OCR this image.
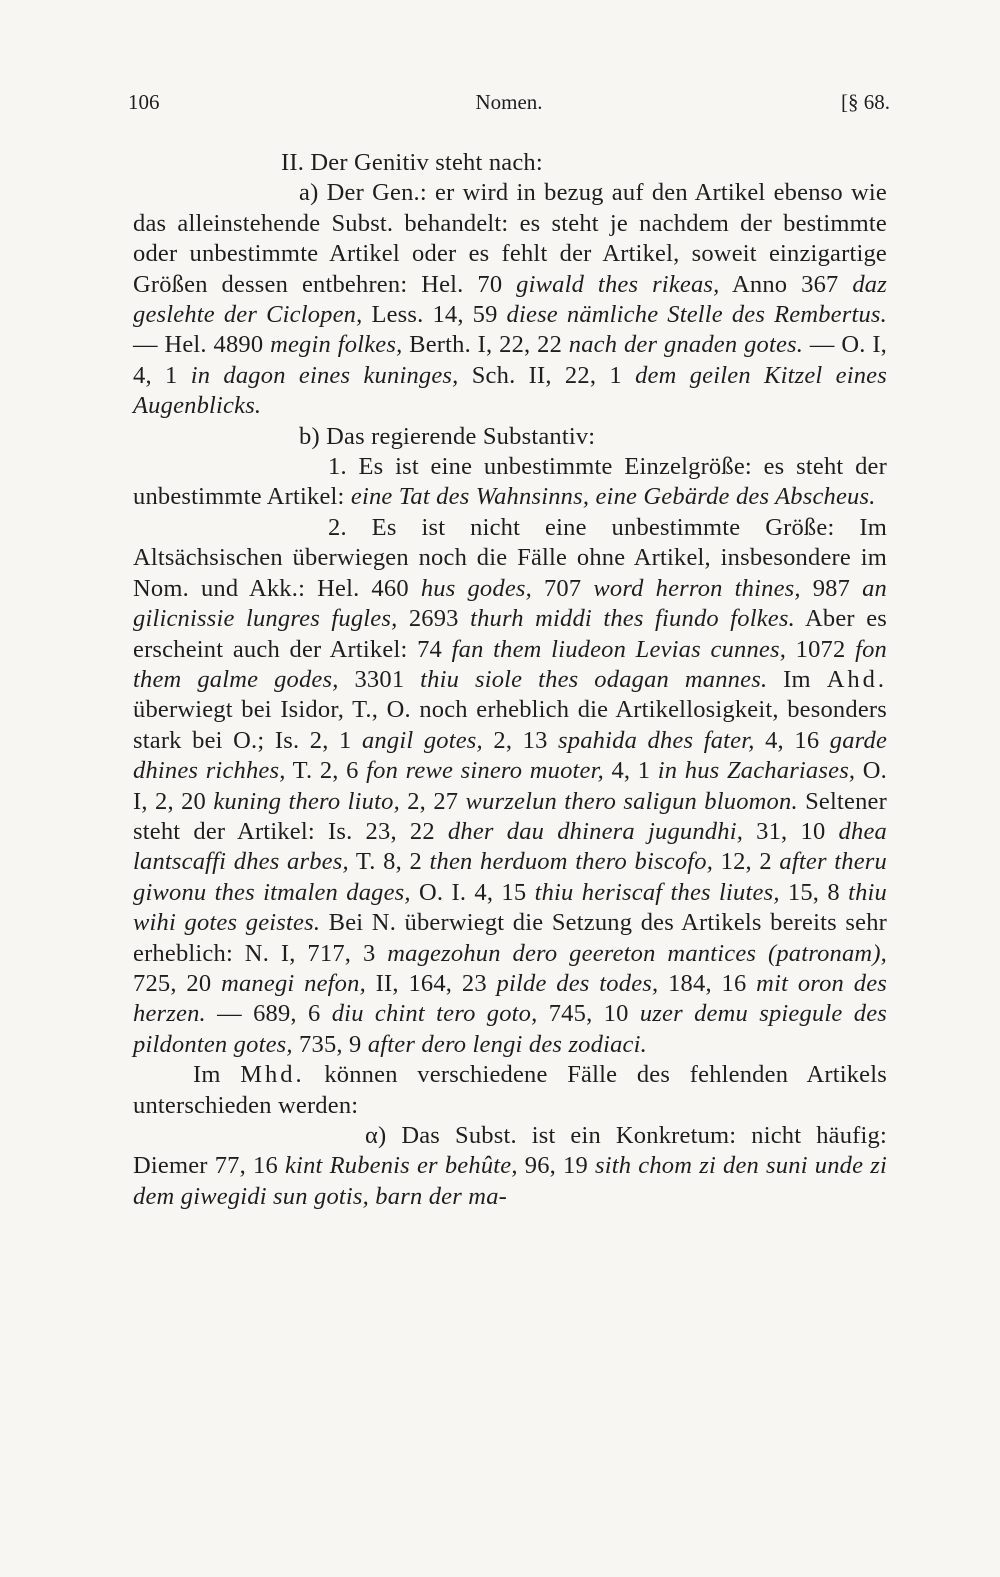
106	Nomen.	[§ 68.

II. Der Genitiv steht nach:

a) Der Gen.: er wird in bezug auf den Artikel ebenso wie das alleinstehende Subst. behandelt: es steht je nachdem der bestimmte oder unbestimmte Artikel oder es fehlt der Artikel, soweit einzigartige Größen dessen entbehren: Hel. 70 giwald thes rikeas, Anno 367 daz geslehte der Ciclopen, Less. 14, 59 diese nämliche Stelle des Rembertus. — Hel. 4890 megin folkes, Berth. I, 22, 22 nach der gnaden gotes. — O. I, 4, 1 in dagon eines kuninges, Sch. II, 22, 1 dem geilen Kitzel eines Augenblicks.

b) Das regierende Substantiv:

1. Es ist eine unbestimmte Einzelgröße: es steht der unbestimmte Artikel: eine Tat des Wahnsinns, eine Gebärde des Abscheus.

2. Es ist nicht eine unbestimmte Größe: Im Altsächsischen überwiegen noch die Fälle ohne Artikel, insbesondere im Nom. und Akk.: Hel. 460 hus godes, 707 word herron thines, 987 an gilicnissie lungres fugles, 2693 thurh middi thes fiundo folkes. Aber es erscheint auch der Artikel: 74 fan them liudeon Levias cunnes, 1072 fon them galme godes, 3301 thiu siole thes odagan mannes. Im Ahd. überwiegt bei Isidor, T., O. noch erheblich die Artikellosigkeit, besonders stark bei O.; Is. 2, 1 angil gotes, 2, 13 spahida dhes fater, 4, 16 garde dhines richhes, T. 2, 6 fon rewe sinero muoter, 4, 1 in hus Zachariases, O. I, 2, 20 kuning thero liuto, 2, 27 wurzelun thero saligun bluomon. Seltener steht der Artikel: Is. 23, 22 dher dau dhinera jugundhi, 31, 10 dhea lantscaffi dhes arbes, T. 8, 2 then herduom thero biscofo, 12, 2 after theru giwonu thes itmalen dages, O. I. 4, 15 thiu heriscaf thes liutes, 15, 8 thiu wihi gotes geistes. Bei N. überwiegt die Setzung des Artikels bereits sehr erheblich: N. I, 717, 3 magezohun dero geereton mantices (patronam), 725, 20 manegi nefon, II, 164, 23 pilde des todes, 184, 16 mit oron des herzen. — 689, 6 diu chint tero goto, 745, 10 uzer demu spiegule des pildonten gotes, 735, 9 after dero lengi des zodiaci.

Im Mhd. können verschiedene Fälle des fehlenden Artikels unterschieden werden:

α) Das Subst. ist ein Konkretum: nicht häufig: Diemer 77, 16 kint Rubenis er behûte, 96, 19 sith chom zi den suni unde zi dem giwegidi sun gotis, barn der ma-
